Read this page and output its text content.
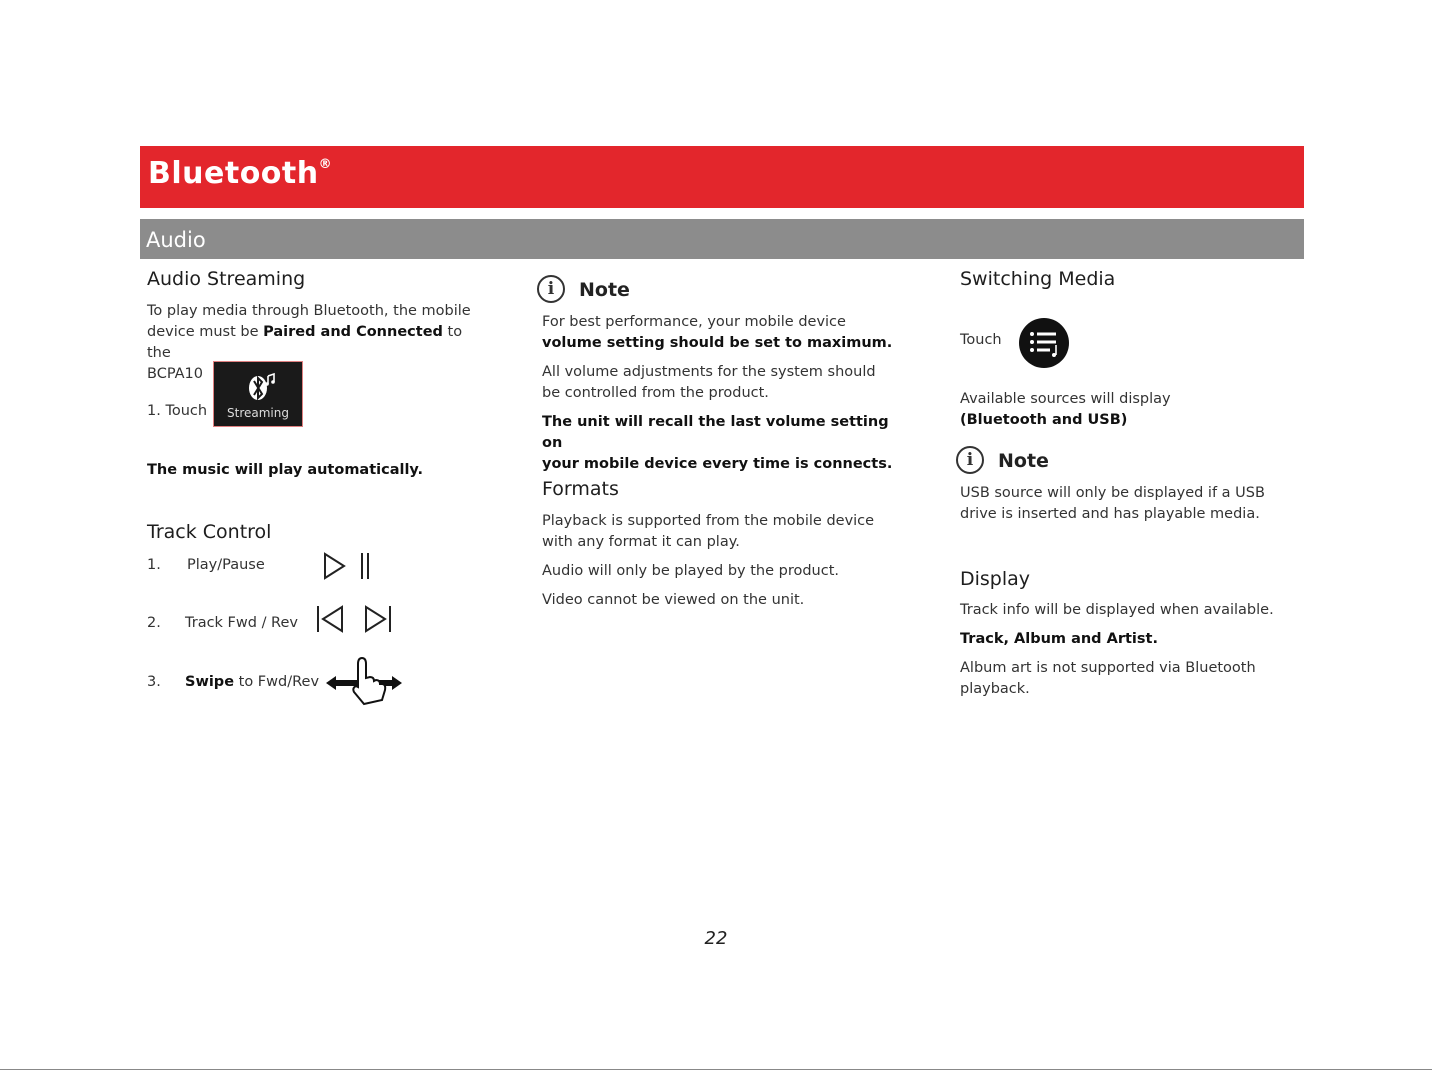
Bluetooth®
Audio
Audio Streaming
To play media through Bluetooth, the mobile
device must be Paired and Connected to the
BCPA10
1. Touch	Streaming
The music will play automatically.
Track Control
1. Play/Pause
2. Track Fwd / Rev
3. Swipe to Fwd/Rev
i	Note
For best performance, your mobile device
volume setting should be set to maximum.
All volume adjustments for the system should
be controlled from the product.
The unit will recall the last volume setting on
your mobile device every time is connects.
Formats
Playback is supported from the mobile device
with any format it can play.
Audio will only be played by the product.
Video cannot be viewed on the unit.
Switching Media
Touch
Available sources will display
(Bluetooth and USB)
i	Note
USB source will only be displayed if a USB
drive is inserted and has playable media.
Display
Track info will be displayed when available.
Track, Album and Artist.
Album art is not supported via Bluetooth
playback.
22
